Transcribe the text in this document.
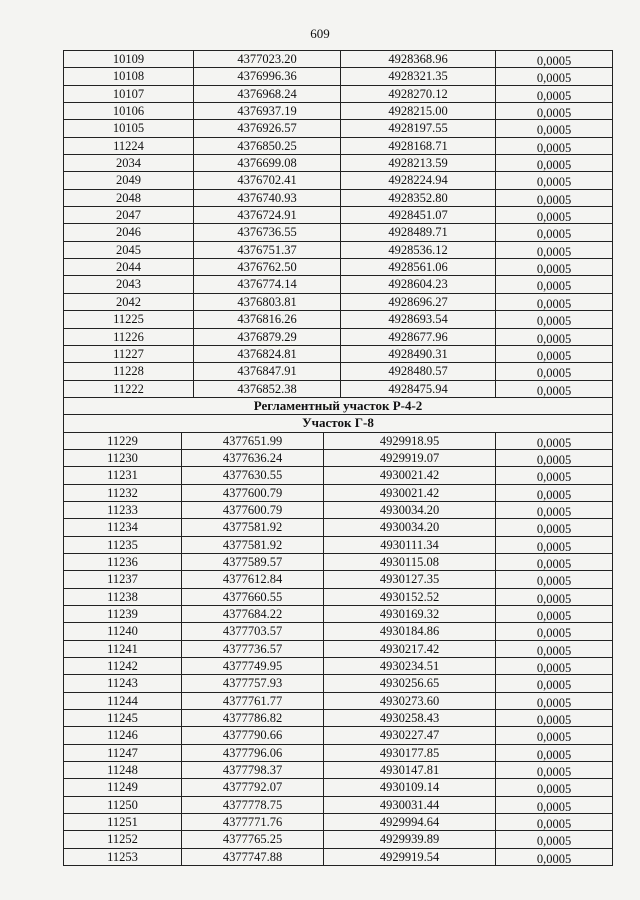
609
10109	4377023.20	4928368.96	0,0005
10108	4376996.36	4928321.35	0,0005
10107	4376968.24	4928270.12	0,0005
10106	4376937.19	4928215.00	0,0005
10105	4376926.57	4928197.55	0,0005
11224	4376850.25	4928168.71	0,0005
2034	4376699.08	4928213.59	0,0005
2049	4376702.41	4928224.94	0,0005
2048	4376740.93	4928352.80	0,0005
2047	4376724.91	4928451.07	0,0005
2046	4376736.55	4928489.71	0,0005
2045	4376751.37	4928536.12	0,0005
2044	4376762.50	4928561.06	0,0005
2043	4376774.14	4928604.23	0,0005
2042	4376803.81	4928696.27	0,0005
11225	4376816.26	4928693.54	0,0005
11226	4376879.29	4928677.96	0,0005
11227	4376824.81	4928490.31	0,0005
11228	4376847.91	4928480.57	0,0005
11222	4376852.38	4928475.94	0,0005
Регламентный участок Р-4-2
Участок Г-8
11229	4377651.99	4929918.95	0,0005
11230	4377636.24	4929919.07	0,0005
11231	4377630.55	4930021.42	0,0005
11232	4377600.79	4930021.42	0,0005
11233	4377600.79	4930034.20	0,0005
11234	4377581.92	4930034.20	0,0005
11235	4377581.92	4930111.34	0,0005
11236	4377589.57	4930115.08	0,0005
11237	4377612.84	4930127.35	0,0005
11238	4377660.55	4930152.52	0,0005
11239	4377684.22	4930169.32	0,0005
11240	4377703.57	4930184.86	0,0005
11241	4377736.57	4930217.42	0,0005
11242	4377749.95	4930234.51	0,0005
11243	4377757.93	4930256.65	0,0005
11244	4377761.77	4930273.60	0,0005
11245	4377786.82	4930258.43	0,0005
11246	4377790.66	4930227.47	0,0005
11247	4377796.06	4930177.85	0,0005
11248	4377798.37	4930147.81	0,0005
11249	4377792.07	4930109.14	0,0005
11250	4377778.75	4930031.44	0,0005
11251	4377771.76	4929994.64	0,0005
11252	4377765.25	4929939.89	0,0005
11253	4377747.88	4929919.54	0,0005
